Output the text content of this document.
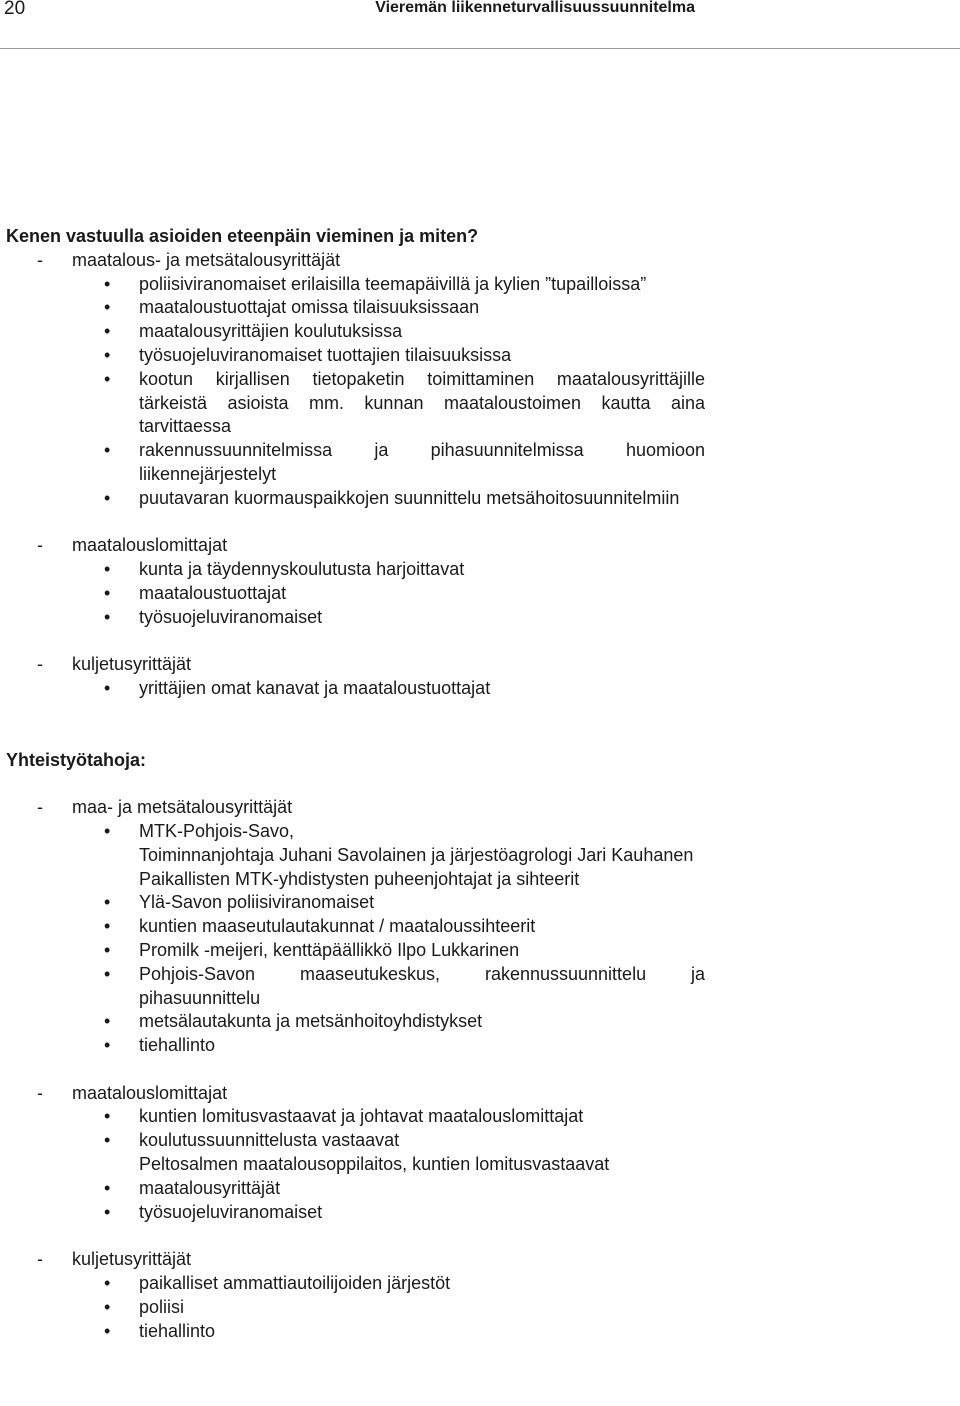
20	Vieremän liikenneturvallisuussuunnitelma
Kenen vastuulla asioiden eteenpäin vieminen ja miten?
- maatalous- ja metsätalousyrittäjät
• poliisiviranomaiset erilaisilla teemapäivillä ja kylien ”tupailloissa”
• maataloustuottajat omissa tilaisuuksissaan
• maatalousyrittäjien koulutuksissa
• työsuojeluviranomaiset tuottajien tilaisuuksissa
• kootun kirjallisen tietopaketin toimittaminen maatalousyrittäjille tärkeistä asioista mm. kunnan maataloustoimen kautta aina tarvittaessa
• rakennussuunnitelmissa ja pihasuunnitelmissa huomioon liikennejärjestelyt
• puutavaran kuormauspaikkojen suunnittelu metsähoitosuunnitelmiin
- maatalouslomittajat
• kunta ja täydennyskoulutusta harjoittavat
• maataloustuottajat
• työsuojeluviranomaiset
- kuljetusyrittäjät
• yrittäjien omat kanavat ja maataloustuottajat
Yhteistyötahoja:
- maa- ja metsätalousyrittäjät
• MTK-Pohjois-Savo,
Toiminnanjohtaja Juhani Savolainen ja järjestöagrologi Jari Kauhanen
Paikallisten MTK-yhdistysten puheenjohtajat ja sihteerit
• Ylä-Savon poliisiviranomaiset
• kuntien maaseutulautakunnat / maataloussihteerit
• Promilk -meijeri, kenttäpäällikkö Ilpo Lukkarinen
• Pohjois-Savon maaseutukeskus, rakennussuunnittelu ja pihasuunnittelu
• metsälautakunta ja metsänhoitoyhdistykset
• tiehallinto
- maatalouslomittajat
• kuntien lomitusvastaavat ja johtavat maatalouslomittajat
• koulutussuunnittelusta vastaavat
Peltosalmen maatalousoppilaitos, kuntien lomitusvastaavat
• maatalousyrittäjät
• työsuojeluviranomaiset
- kuljetusyrittäjät
• paikalliset ammattiautoilijoiden järjestöt
• poliisi
• tiehallinto
